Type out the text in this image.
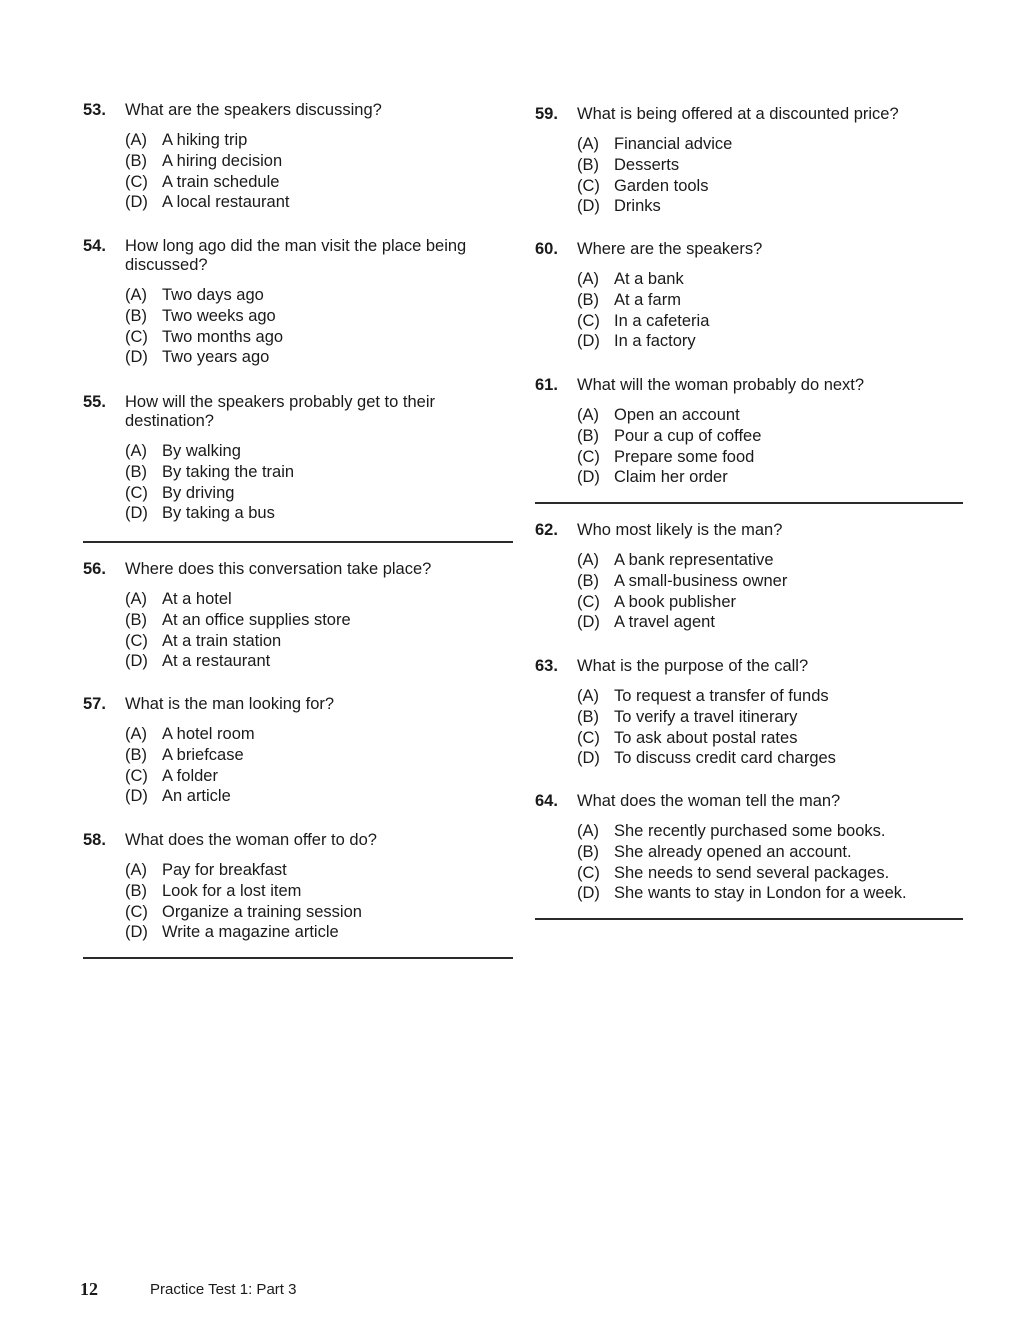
53.	What are the speakers discussing?
(A) A hiking trip
(B) A hiring decision
(C) A train schedule
(D) A local restaurant
54.	How long ago did the man visit the place being discussed?
(A) Two days ago
(B) Two weeks ago
(C) Two months ago
(D) Two years ago
55.	How will the speakers probably get to their destination?
(A) By walking
(B) By taking the train
(C) By driving
(D) By taking a bus
56.	Where does this conversation take place?
(A) At a hotel
(B) At an office supplies store
(C) At a train station
(D) At a restaurant
57.	What is the man looking for?
(A) A hotel room
(B) A briefcase
(C) A folder
(D) An article
58.	What does the woman offer to do?
(A) Pay for breakfast
(B) Look for a lost item
(C) Organize a training session
(D) Write a magazine article
59.	What is being offered at a discounted price?
(A) Financial advice
(B) Desserts
(C) Garden tools
(D) Drinks
60.	Where are the speakers?
(A) At a bank
(B) At a farm
(C) In a cafeteria
(D) In a factory
61.	What will the woman probably do next?
(A) Open an account
(B) Pour a cup of coffee
(C) Prepare some food
(D) Claim her order
62.	Who most likely is the man?
(A) A bank representative
(B) A small-business owner
(C) A book publisher
(D) A travel agent
63.	What is the purpose of the call?
(A) To request a transfer of funds
(B) To verify a travel itinerary
(C) To ask about postal rates
(D) To discuss credit card charges
64.	What does the woman tell the man?
(A) She recently purchased some books.
(B) She already opened an account.
(C) She needs to send several packages.
(D) She wants to stay in London for a week.
12	Practice Test 1: Part 3
